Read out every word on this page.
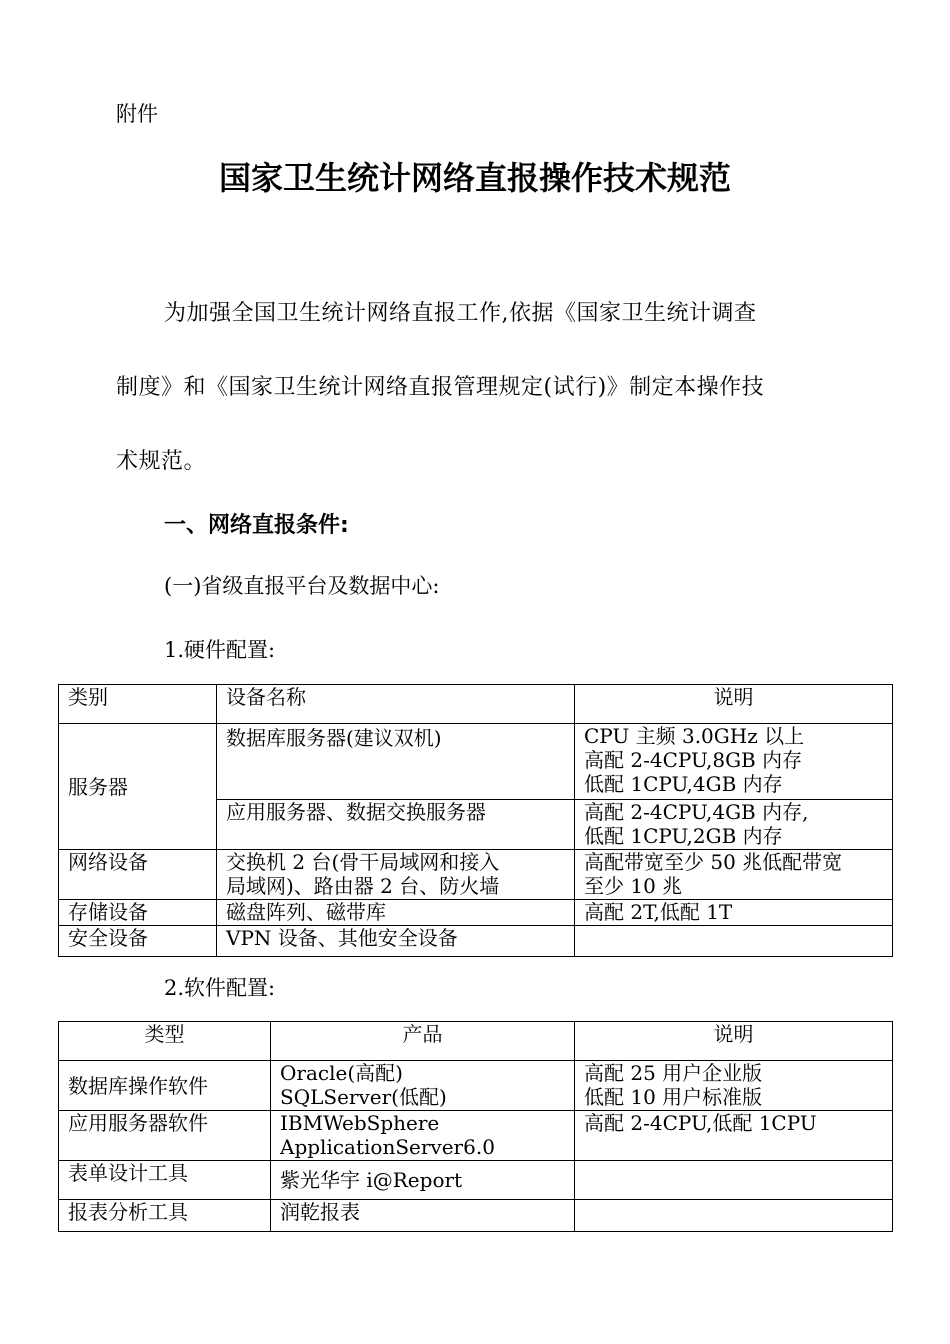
附件
国家卫生统计网络直报操作技术规范
为加强全国卫生统计网络直报工作,依据《国家卫生统计调查
制度》和《国家卫生统计网络直报管理规定(试行)》制定本操作技
术规范。
一、网络直报条件:
(一)省级直报平台及数据中心:
1.硬件配置:
类别	设备名称	说明
服务器	数据库服务器(建议双机)	CPU 主频 3.0GHz 以上
高配 2-4CPU,8GB 内存
低配 1CPU,4GB 内存

	应用服务器、数据交换服务器	高配 2-4CPU,4GB 内存,
低配 1CPU,2GB 内存

网络设备	交换机 2 台(骨干局域网和接入
局域网)、路由器 2 台、防火墙	高配带宽至少 50 兆低配带宽
至少 10 兆

存储设备	磁盘阵列、磁带库	高配 2T,低配 1T
安全设备	VPN 设备、其他安全设备	
2.软件配置:
类型	产品	说明
数据库操作软件	Oracle(高配)
SQLServer(低配)	高配 25 用户企业版
低配 10 用户标准版

应用服务器软件	IBMWebSphere
ApplicationServer6.0	高配 2-4CPU,低配 1CPU

表单设计工具	紫光华宇 i@Report	
报表分析工具	润乾报表	
